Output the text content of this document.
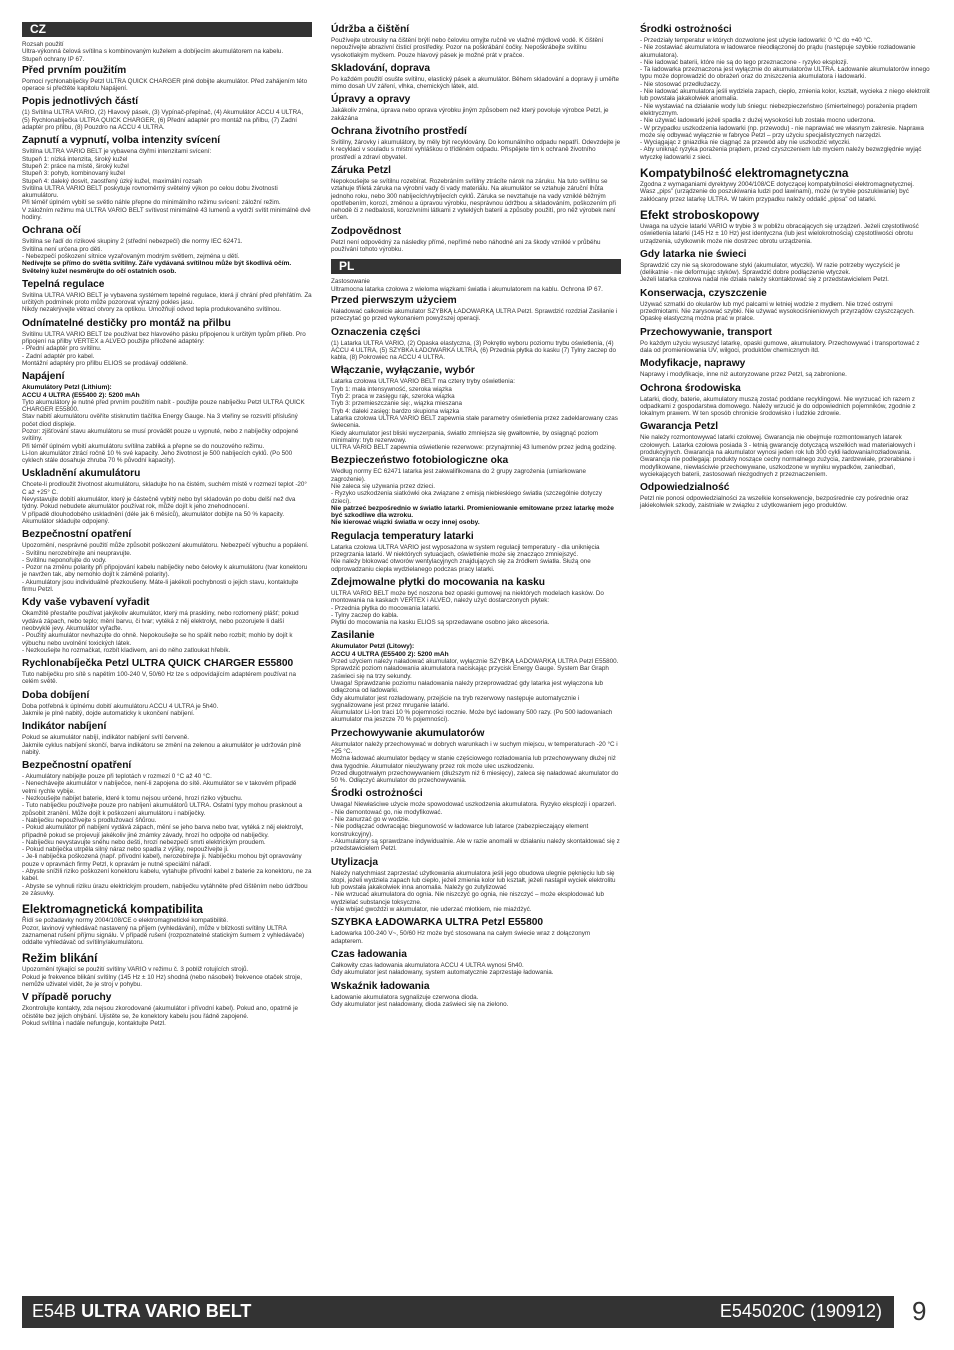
CZ
Rozsah použití
Ultra-výkonná čelová svítilna s kombinovaným kuželem a dobíjecím akumulátorem na kabelu.
Stupeň ochrany IP 67.
Před prvním použitím
Pomocí rychlonabíječky Petzl ULTRA QUICK CHARGER plně dobijte akumulátor. Před zahájením této operace si přečtěte kapitolu Napájení.
Popis jednotlivých částí
(1) Svítilna ULTRA VARIO, (2) Hlavový pásek, (3) Vypínač-přepínač, (4) Akumulátor ACCU 4 ULTRA, (5) Rychlonabíječka ULTRA QUICK CHARGER, (6) Přední adaptér pro montáž na přilbu, (7) Zadní adaptér pro přilbu, (8) Pouzdro na ACCU 4 ULTRA.
Zapnutí a vypnutí, volba intenzity svícení
Svítilna ULTRA VARIO BELT je vybavena čtyřmi intenzitami svícení:
Stupeň 1: nízká intenzita, široký kužel
Stupeň 2: práce na místě, široký kužel
Stupeň 3: pohyb, kombinovaný kužel
Stupeň 4: daleký dosvit, zaostřený úzký kužel, maximální rozsah
Svítilna ULTRA VARIO BELT poskytuje rovnoměrný světelný výkon po celou dobu životnosti akumulátoru.
Při téměř úplném vybití se světlo náhle přepne do minimálního režimu svícení: záložní režim.
V záložním režimu má ULTRA VARIO BELT svítivost minimálně 43 lumenů a vydrží svítit minimálně dvě hodiny.
Ochrana očí
Svítilna se řadí do rizikové skupiny 2 (střední nebezpečí) dle normy IEC 62471.
Svítilna není určena pro děti.
- Nebezpečí poškození sítnice vyzařovaným modrým světlem, zejména u dětí.
Nedívejte se přímo do světla svítilny. Záře vydávaná svítilnou může být škodlivá očím.
Světelný kužel nesměrujte do očí ostatních osob.
Tepelná regulace
Svítilna ULTRA VARIO BELT je vybavena systémem tepelné regulace, která jí chrání před přehřátím. Za určitých podmínek proto může pozorovat výrazný pokles jasu.
Nikdy nezakrývejte větrací otvory za optikou. Umožňují odvod tepla produkovaného svítilnou.
Odnímatelné destičky pro montáž na přilbu
Svítilnu ULTRA VARIO BELT lze používat bez hlavového pásku připojenou k určitým typům přileb. Pro připojení na přilby VERTEX a ALVEO použijte přiložené adaptéry:
- Přední adaptér pro svítilnu.
- Zadní adaptér pro kabel.
Montážní adaptéry pro přilbu ELIOS se prodávají odděleně.
Napájení
Akumulátory Petzl (Lithium):
ACCU 4 ULTRA (E55400 2): 5200 mAh
Tyto akumulátory je nutné před prvním použitím nabít - použijte pouze nabíječku Petzl ULTRA QUICK CHARGER E55800.
Stav nabití akumulátoru ověříte stisknutím tlačítka Energy Gauge. Na 3 vteřiny se rozsvítí příslušný počet diod displeje.
Pozor: zjišťování stavu akumulátoru se musí provádět pouze u vypnuté, nebo z nabíječky odpojené svítilny.
Při téměř úplném vybití akumulátoru svítilna zabliká a přepne se do nouzového režimu.
Li-Ion akumulátor ztrácí ročně 10 % své kapacity. Jeho životnost je 500 nabíjecích cyklů. (Po 500 cyklech stále dosahuje zhruba 70 % původní kapacity).
Uskladnění akumulátoru
Chcete-li prodloužit životnost akumulátoru, skladujte ho na čistém, suchém místě v rozmezí teplot -20° C až +25° C.
Nevystavujte dobití akumulátor, který je částečně vybitý nebo byl skladován po dobu delší než dva týdny. Pokud nebudete akumulátor používat rok, může dojít k jeho znehodnocení.
V případě dlouhodobého uskladnění (déle jak 6 měsíců), akumulátor dobijte na 50 % kapacity. Akumulátor skladujte odpojený.
Bezpečnostní opatření
Upozornění, nesprávné použití může způsobit poškození akumulátoru. Nebezpečí výbuchu a popálení.
- Svítilnu nerozebírejte ani neupravujte.
- Svítilnu neponořujte do vody.
- Pozor na změnu polarity při připojování kabelu nabíječky nebo čelovky k akumulátoru (tvar konektoru je navržen tak, aby nemohlo dojít k záměně polarity).
- Akumulátory jsou individuálně přezkoušeny. Máte-li jakékoli pochybnosti o jejich stavu, kontaktujte firmu Petzl.
Kdy vaše vybavení vyřadit
Okamžitě přestaňte používat jakýkoliv akumulátor, který má praskliny, nebo rozlomený plášť; pokud vydává zápach, nebo teplo; mění barvu, či tvar; vytéká z něj elektrolyt, nebo pozorujete li další neobvyklé jevy. Akumulátor vyřaďte.
- Použitý akumulátor nevhazujte do ohně. Nepokoušejte se ho spálit nebo rozbít; mohlo by dojít k výbuchu nebo uvolnění toxických látek.
- Nezkoušejte ho rozmačkat, rozbít kladivem, ani do něho zatloukat hřebík.
Rychlonabíječka Petzl ULTRA QUICK CHARGER E55800
Tuto nabíječku pro sítě s napětím 100-240 V, 50/60 Hz lze s odpovídajícím adaptérem používat na celém světě.
Doba dobíjení
Doba potřebná k úplnému dobití akumulátoru ACCU 4 ULTRA je 5h40.
Jakmile je plně nabitý, dojde automaticky k ukončení nabíjení.
Indikátor nabíjení
Pokud se akumulátor nabíjí, indikátor nabíjení svítí červeně.
Jakmile cyklus nabíjení skončí, barva indikátoru se změní na zelenou a akumulátor je udržován plně nabitý.
Bezpečnostní opatření
- Akumulátory nabíjejte pouze při teplotách v rozmezí 0 °C až 40 °C.
- Nenechávejte akumulátor v nabíječce, není-li zapojena do sítě. Akumulátor se v takovém případě velmi rychle vybije.
- Nezkoušejte nabíjet baterie, které k tomu nejsou určené, hrozí riziko výbuchu.
- Tuto nabíječku používejte pouze pro nabíjení akumulátorů ULTRA. Ostatní typy mohou prasknout a způsobit zranění. Může dojít k poškození akumulátoru i nabíječky.
- Nabíječku nepoužívejte s prodlužovací šňůrou.
- Pokud akumulátor při nabíjení vydává zápach, mění se jeho barva nebo tvar, vytéká z něj elektrolyt, případně pokud se projevují jakékoliv jiné známky závady, hrozí ho odpojte od nabíječky.
- Nabíječku nevystavujte sněhu nebo dešti, hrozí nebezpečí smrti elektrickým proudem.
- Pokud nabíječka utrpěla silný náraz nebo spadla z výšky, nepoužívejte ji.
- Je-li nabíječka poškozená (např. přívodní kabel), nerozebírejte ji. Nabíječku mohou být opravovány pouze v opravnách firmy Petzl, k opravám je nutné speciální nářadí.
- Abyste snížili riziko poškození konektoru kabelu, vytahujte přívodní kabel z baterie za konektoru, ne za kabel.
- Abyste se vyhnuli riziku úrazu elektrickým proudem, nabíječku vytáhněte před čištěním nebo údržbou ze zásuvky.
Elektromagnetická kompatibilita
Řídí se požadavky normy 2004/108/CE o elektromagnetické kompatibilitě.
Pozor, lavinový vyhledávač nastavený na příjem (vyhledávání), může v blízkosti svítilny ULTRA zaznamenat rušení příjmu signálu. V případě rušení (rozpoznatelné statickým šumem z vyhledávače) oddalte vyhledávač od svítilny/akumulátoru.
Režim blikání
Upozornění týkající se použití svítilny VARIO v režimu č. 3 pobliž rotujících strojů.
Pokud je frekvence blikání svítilny (145 Hz ± 10 Hz) shodná (nebo násobek) frekvence otaček stroje, nemůže uživatel vidět, že je stroj v pohybu.
V případě poruchy
Zkontrolujte kontakty, zda nejsou zkorodované (akumulátor i přívodní kabel). Pokud ano, opatrně je očistěte bez jejich ohýbání. Ujistěte se, že konektory kabelu jsou řádně zapojené.
Pokud svítilna i nadále nefunguje, kontaktujte Petzl.
Údržba a čištění
Používejte ubrousky na čištění brýlí nebo čelovku omyjte ručně ve vlažné mýdlové vodě. K čištění nepoužívejte abrazivní čisticí prostředky. Pozor na poškrábání čočky. Nepoškrábejte svítilnu vysokotlakým myčkem. Pouze hlavový pásek je možné prát v pračce.
Skladování, doprava
Po každém použití osušte svítilnu, elastický pásek a akumulátor. Během skladování a dopravy ji uměřte mimo dosah UV záření, vlhka, chemických látek, atd.
Úpravy a opravy
Jakákoliv změna, úprava nebo oprava výrobku jiným způsobem než který povoluje výrobce Petzl, je zakázána
Ochrana životního prostředí
Svítilny, žárovky i akumulátory, by měly být recyklovány. Do komunálního odpadu nepatří. Odevzdejte je k recyklaci v souladu s místní vyhláškou o tříděném odpadu. Přispějete tím k ochraně životního prostředí a zdraví obyvatel.
Záruka Petzl
Nepokoušejte se svítilnu rozebírat. Rozebráním svítilny ztrácíte nárok na záruku. Na tuto svítilnu se vztahuje třiletá záruka na výrobní vady či vady materiálu. Na akumulátor se vztahuje záruční lhůta jednoho roku, nebo 300 nabíjecích/vybíjecích cyklů. Záruka se nevztahuje na vady vzniklé běžným opotřebením, korozí, změnou a úpravou výrobku, nesprávnou údržbou a skladováním, poškozením při nehodě či z nedbalosti, korozivními látkami z vyteklých baterií a způsoby použití, pro něž výrobek není určen.
Zodpovědnost
Petzl není odpovědný za následky přímé, nepřímé nebo náhodné ani za škody vzniklé v průběhu používání tohoto výrobku.
PL
Zastosowanie
Ultramocna latarka czołowa z wieloma wiązkami światła i akumulatorem na kablu. Ochrona IP 67.
Przed pierwszym użyciem
Naładować całkowicie akumulator SZYBKĄ ŁADOWARKĄ ULTRA Petzl. Sprawdzić rozdział Zasilanie i przeczytać go przed wykonaniem powyższej operacji.
Oznaczenia części
(1) Latarka ULTRA VARIO, (2) Opaska elastyczna, (3) Pokrętło wyboru poziomu trybu oświetlenia, (4) ACCU 4 ULTRA, (5) SZYBKA ŁADOWARKA ULTRA, (6) Przednia płytka do kasku (7) Tylny zaczep do kabla, (8) Pokrowiec na ACCU 4 ULTRA.
Włączanie, wyłączanie, wybór
Latarka czołowa ULTRA VARIO BELT ma cztery tryby oświetlenia:
Tryb 1: mała intensywność, szeroka wiązka
Tryb 2: praca w zasięgu rąk, szeroka wiązka
Tryb 3: przemieszczanie się:, wiązka mieszana
Tryb 4: daleki zasięg: bardzo skupiona wiązka
Latarka czołowa ULTRA VARIO BELT zapewnia stałe parametry oświetlenia przez zadeklarowany czas świecenia.
Kiedy akumulator jest bliski wyczerpania, światło zmniejsza się gwałtownie, by osiągnąć poziom minimalny: tryb rezerwowy.
ULTRA VARIO BELT zapewnia oświetlenie rezerwowe: przynajmniej 43 lumenów przez jedną godzinę.
Bezpieczeństwo fotobiologiczne oka
Według normy EC 62471 latarka jest zakwalifikowana do 2 grupy zagrożenia (umiarkowane zagrożenie).
Nie zaleca się używania przez dzieci.
- Ryzyko uszkodzenia siatkówki oka związane z emisją niebieskiego światła (szczególnie dotyczy dzieci).
Nie patrzeć bezpośrednio w światło latarki. Promieniowanie emitowane przez latarkę może być szkodliwe dla wzroku.
Nie kierować wiązki światła w oczy innej osoby.
Regulacja temperatury latarki
Latarka czołowa ULTRA VARIO jest wyposażona w system regulacji temperatury - dla uniknięcia przegrzania latarki. W niektórych sytuacjach, oświetlenie może się znacząco zmniejszyć.
Nie należy blokować otworów wentylacyjnych znajdujących się za źródłem światła. Służą one odprowadzaniu ciepła wydzielanego podczas pracy latarki.
Zdejmowalne płytki do mocowania na kasku
ULTRA VARIO BELT może być noszona bez opaski gumowej na niektórych modelach kasków. Do montowania na kaskach VERTEX i ALVEO, należy użyć dostarczonych płytek:
- Przednia płytka do mocowania latarki.
- Tylny zaczep do kabla.
Płytki do mocowania na kasku ELIOS są sprzedawane osobno jako akcesoria.
Zasilanie
Akumulator Petzl (Litowy):
ACCU 4 ULTRA (E55400 2): 5200 mAh
Przed użyciem należy naładować akumulator, wyłącznie SZYBKĄ ŁADOWARKĄ ULTRA Petzl E55800.
Sprawdzić poziom naładowania akumulatora naciskając przycisk Energy Gauge. System Bar Graph zaświeci się na trzy sekundy.
Uwaga! Sprawdzanie poziomu naładowania należy przeprowadzać gdy latarka jest wyłączona lub odłączona od ładowarki.
Gdy akumulator jest rozładowany, przejście na tryb rezerwowy następuje automatycznie i sygnalizowane jest przez mruganie latarki.
Akumulator Li-Ion traci 10 % pojemności rocznie. Może być ładowany 500 razy. (Po 500 ładowaniach akumulator ma jeszcze 70 % pojemności).
Przechowywanie akumulatorów
Akumulator należy przechowywać w dobrych warunkach i w suchym miejscu, w temperaturach -20 °C i +25 °C.
Można ładować akumulator będący w stanie częściowego rozładowania lub przechowywany dłużej niż dwa tygodnie. Akumulator nieużywany przez rok może ulec uszkodzeniu.
Przed długotrwałym przechowywaniem (dłuższym niż 6 miesięcy), zaleca się naładować akumulator do 50 %. Odłączyć akumulator do przechowywania.
Środki ostrożności
Uwaga! Niewłaściwe użycie może spowodować uszkodzenia akumulatora. Ryzyko eksplozji i oparzeń.
- Nie demontować go, nie modyfikować.
- Nie zanurzać go w wodzie.
- Nie podłączać odwracając biegunowość w ładowarce lub latarce (zabezpieczający element konstrukcyjny).
- Akumulatory są sprawdzane indywidualnie. Ale w razie anomalii w działaniu należy skontaktować się z przedstawicielem Petzl.
Utylizacja
Należy natychmiast zaprzestać użytkowania akumulatora jeśli jego obudowa ulegnie pęknięciu lub się stopi, jeżeli wydziela zapach lub ciepło, jeżeli zmienia kolor lub kształt, jeżeli nastąpił wyciek elektrolitu lub powstała jakakolwiek inna anomalia. Należy go zutylizować
- Nie wrzucać akumulatora do ognia. Nie niszczyć go ognia, nie niszczyć – może eksplodować lub wydzielać substancje toksyczne.
- Nie wbijać gwoździ w akumulator, nie uderzać młotkiem, nie miażdżyć.
SZYBKA ŁADOWARKA ULTRA Petzl E55800
Ładowarka 100-240 V~, 50/60 Hz może być stosowana na całym świecie wraz z dołączonym adapterem.
Czas ładowania
Całkowity czas ładowania akumulatora ACCU 4 ULTRA wynosi 5h40.
Gdy akumulator jest naładowany, system automatycznie zaprzestaje ładowania.
Wskaźnik ładowania
Ładowanie akumulatora sygnalizuje czerwona dioda.
Gdy akumulator jest naładowany, dioda zaświeci się na zielono.
Środki ostrożności
- Przedziały temperatur w których dozwolone jest użycie ładowarki: 0 °C do +40 °C.
- Nie zostawiać akumulatora w ładowarce nieodłączonej do prądu (następuje szybkie rozładowanie akumulatora).
- Nie ładować baterii, które nie są do tego przeznaczone - ryzyko eksplozji.
- Ta ładowarka przeznaczona jest wyłącznie do akumulatorów ULTRA. Ładowanie akumulatorów innego typu może doprowadzić do obrażeń oraz do zniszczenia akumulatora i ładowarki.
- Nie stosować przedłużaczy.
- Nie ładować akumulatora jeśli wydziela zapach, ciepło, zmienia kolor, kształt, wycieka z niego elektrolit lub powstała jakakolwiek anomalia.
- Nie wystawiać na działanie wody lub śniegu: niebezpieczeństwo (śmiertelnego) porażenia prądem elektrycznym.
- Nie używać ładowarki jeżeli spadła z dużej wysokości lub została mocno uderzona.
- W przypadku uszkodzenia ładowarki (np. przewodu) - nie naprawiać we własnym zakresie. Naprawa może się odbywać wyłącznie w fabryce Petzl – przy użyciu specjalistycznych narzędzi.
- Wyciągając z gniazdka nie ciągnąć za przewód aby nie uszkodzić wtyczki.
- Aby uniknąć ryzyka porażenia prądem, przed czyszczeniem lub myciem należy bezwzględnie wyjąć wtyczkę ładowarki z sieci.
Kompatybilność elektromagnetyczna
Zgodna z wymaganiami dyrektywy 2004/108/CE dotyczącej kompatybilności elektromagnetycznej.
Wasz „pips” (urządzenie do poszukiwania ludzi pod lawinami), może (w trybie poszukiwanie) być zakłócany przez latarkę ULTRA. W takim przypadku należy oddalić „pipsa” od latarki.
Efekt stroboskopowy
Uwaga na użycie latarki VARIO w trybie 3 w pobliżu obracających się urządzeń. Jeżeli częstotliwość oświetlenia latarki (145 Hz ± 10 Hz) jest identyczna (lub jest wielokrotnością) częstotliwości obrotu urządzenia, użytkownik może nie dostrzec obrotu urządzenia.
Gdy latarka nie świeci
Sprawdzić czy nie są skorodowane styki (akumulator, wtyczki). W razie potrzeby wyczyścić je (delikatnie - nie deformując styków). Sprawdzić dobre podłączenie wtyczek.
Jeżeli latarka czołowa nadal nie działa należy skontaktować się z przedstawicielem Petzl.
Konserwacja, czyszczenie
Używać szmatki do okularów lub myć palcami w letniej wodzie z mydłem. Nie trzeć ostrymi przedmiotami. Nie zarysować szybki. Nie używać wysokociśnieniowych przyrządów czyszczących. Opaskę elastyczną można prać w pralce.
Przechowywanie, transport
Po każdym użyciu wysuszyć latarkę, opaski gumowe, akumulatory. Przechowywać i transportować z dala od promieniowania UV, wilgoci, produktów chemicznych itd.
Modyfikacje, naprawy
Naprawy i modyfikacje, inne niż autoryzowane przez Petzl, są zabronione.
Ochrona środowiska
Latarki, diody, baterie, akumulatory muszą zostać poddane recyklingowi. Nie wyrzucać ich razem z odpadkami z gospodarstwa domowego. Należy wrzucić je do odpowiednich pojemników, zgodnie z lokalnym prawem. W ten sposób chronicie środowisko i ludzkie zdrowie.
Gwarancja Petzl
Nie należy rozmontowywać latarki czołowej. Gwarancja nie obejmuje rozmontowanych latarek czołowych. Latarka czołowa posiada 3 - letnią gwarancję dotyczącą wszelkich wad materiałowych i produkcyjnych. Gwarancja na akumulator wynosi jeden rok lub 300 cykli ładowania/rozładowania. Gwarancja nie podlegają: produkty noszące cechy normalnego zużycia, zardzewiałe, przerabiane i modyfikowane, niewłaściwie przechowywane, uszkodzone w wyniku wypadków, zaniedbań, wyciekających baterii, zastosowań niezgodnych z przeznaczeniem.
Odpowiedzialność
Petzl nie ponosi odpowiedzialności za wszelkie konsekwencje, bezpośrednie czy pośrednie oraz jakiekolwiek szkody, zaistniałe w związku z użytkowaniem jego produktów.
E54B ULTRA VARIO BELT	E545020C (190912) 9
